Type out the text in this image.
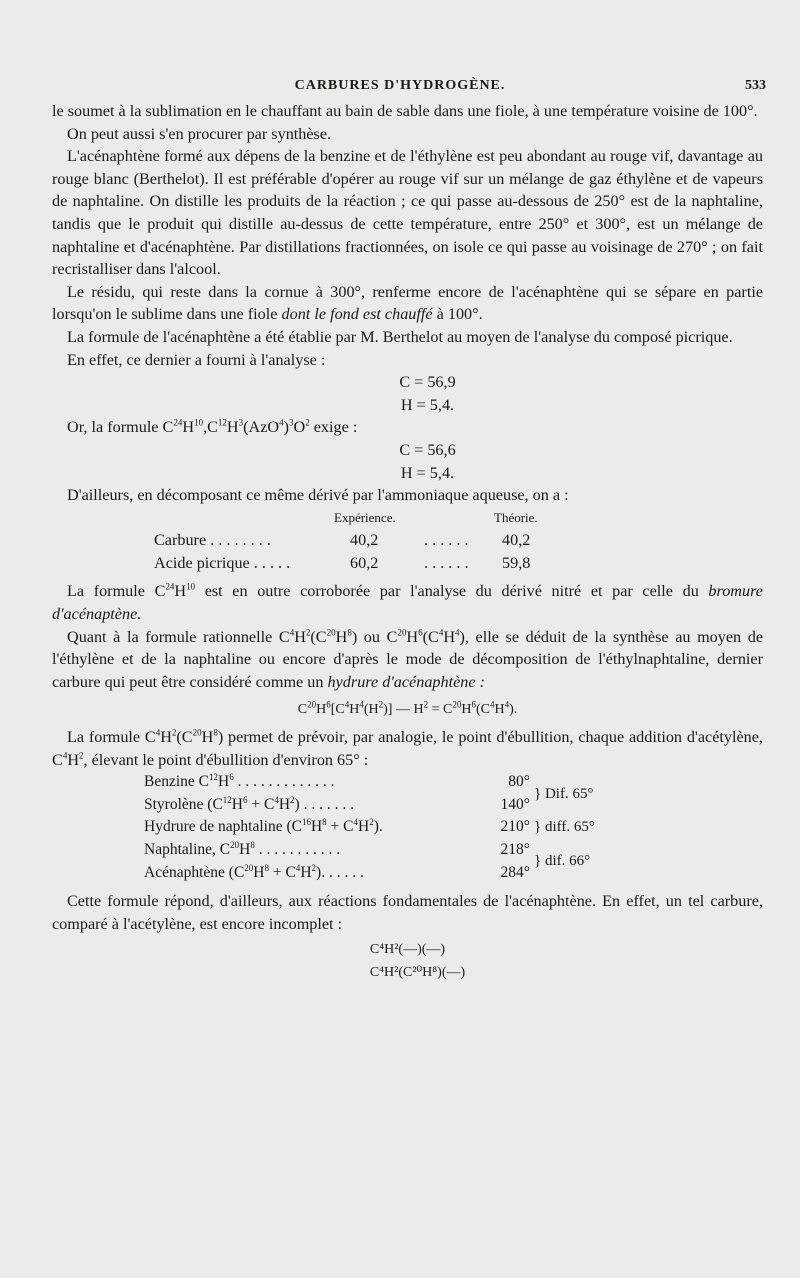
CARBURES D'HYDROGÈNE.	533

le soumet à la sublimation en le chauffant au bain de sable dans une fiole, à une température voisine de 100°.

On peut aussi s'en procurer par synthèse.

L'acénaphtène formé aux dépens de la benzine et de l'éthylène est peu abondant au rouge vif, davantage au rouge blanc (Berthelot). Il est préférable d'opérer au rouge vif sur un mélange de gaz éthylène et de vapeurs de naphtaline. On distille les produits de la réaction ; ce qui passe au-dessous de 250° est de la naphtaline, tandis que le produit qui distille au-dessus de cette température, entre 250° et 300°, est un mélange de naphtaline et d'acénaphtène. Par distillations fractionnées, on isole ce qui passe au voisinage de 270° ; on fait recristalliser dans l'alcool.

Le résidu, qui reste dans la cornue à 300°, renferme encore de l'acénaphtène qui se sépare en partie lorsqu'on le sublime dans une fiole dont le fond est chauffé à 100°.

La formule de l'acénaphtène a été établie par M. Berthelot au moyen de l'analyse du composé picrique.

En effet, ce dernier a fourni à l'analyse :

C = 56,9

H = 5,4.

Or, la formule $C^{24}H^{10},C^{12}H^3(AzO^4)^3O^2$ exige :

C = 56,6

H = 5,4.

D'ailleurs, en décomposant ce même dérivé par l'ammoniaque aqueuse, on a :

	Expérience.		Théorie.
Carbure . . . . . . . .	40,2	. . . . . .	40,2
Acide picrique . . . . .	60,2	. . . . . .	59,8

La formule $C^{24}H^{10}$ est en outre corroborée par l'analyse du dérivé nitré et par celle du bromure d'acénaptène.

Quant à la formule rationnelle $C^4H^2(C^{20}H^8)$ ou $C^{20}H^6(C^4H^4)$, elle se déduit de la synthèse au moyen de l'éthylène et de la naphtaline ou encore d'après le mode de décomposition de l'éthylnaphtaline, dernier carbure qui peut être considéré comme un hydrure d'acénaphtène :

$C^{20}H^6[C^4H^4(H^2)]$ — $H^2 = C^{20}H^6(C^4H^4)$.

La formule $C^4H^2(C^{20}H^8)$ permet de prévoir, par analogie, le point d'ébullition, chaque addition d'acétylène, $C^4H^2$, élevant le point d'ébullition d'environ 65° :

Benzine $C^{12}H^6$ . . . . . . . . . . . . .	80°	} Dif. 65°
Styrolène $(C^{12}H^6 + C^4H^2)$ . . . . . . .	140°	
Hydrure de naphtaline $(C^{16}H^8 + C^4H^2)$.	210°	} diff. 65°
Naphtaline, $C^{20}H^8$ . . . . . . . . . . .	218°	} dif. 66°
Acénaphtène $(C^{20}H^8 + C^4H^2)$. . . . . .	284°	

Cette formule répond, d'ailleurs, aux réactions fondamentales de l'acénaphtène. En effet, un tel carbure, comparé à l'acétylène, est encore incomplet :

C⁴H²(—)(—)

C⁴H²(C²⁰H⁸)(—)
